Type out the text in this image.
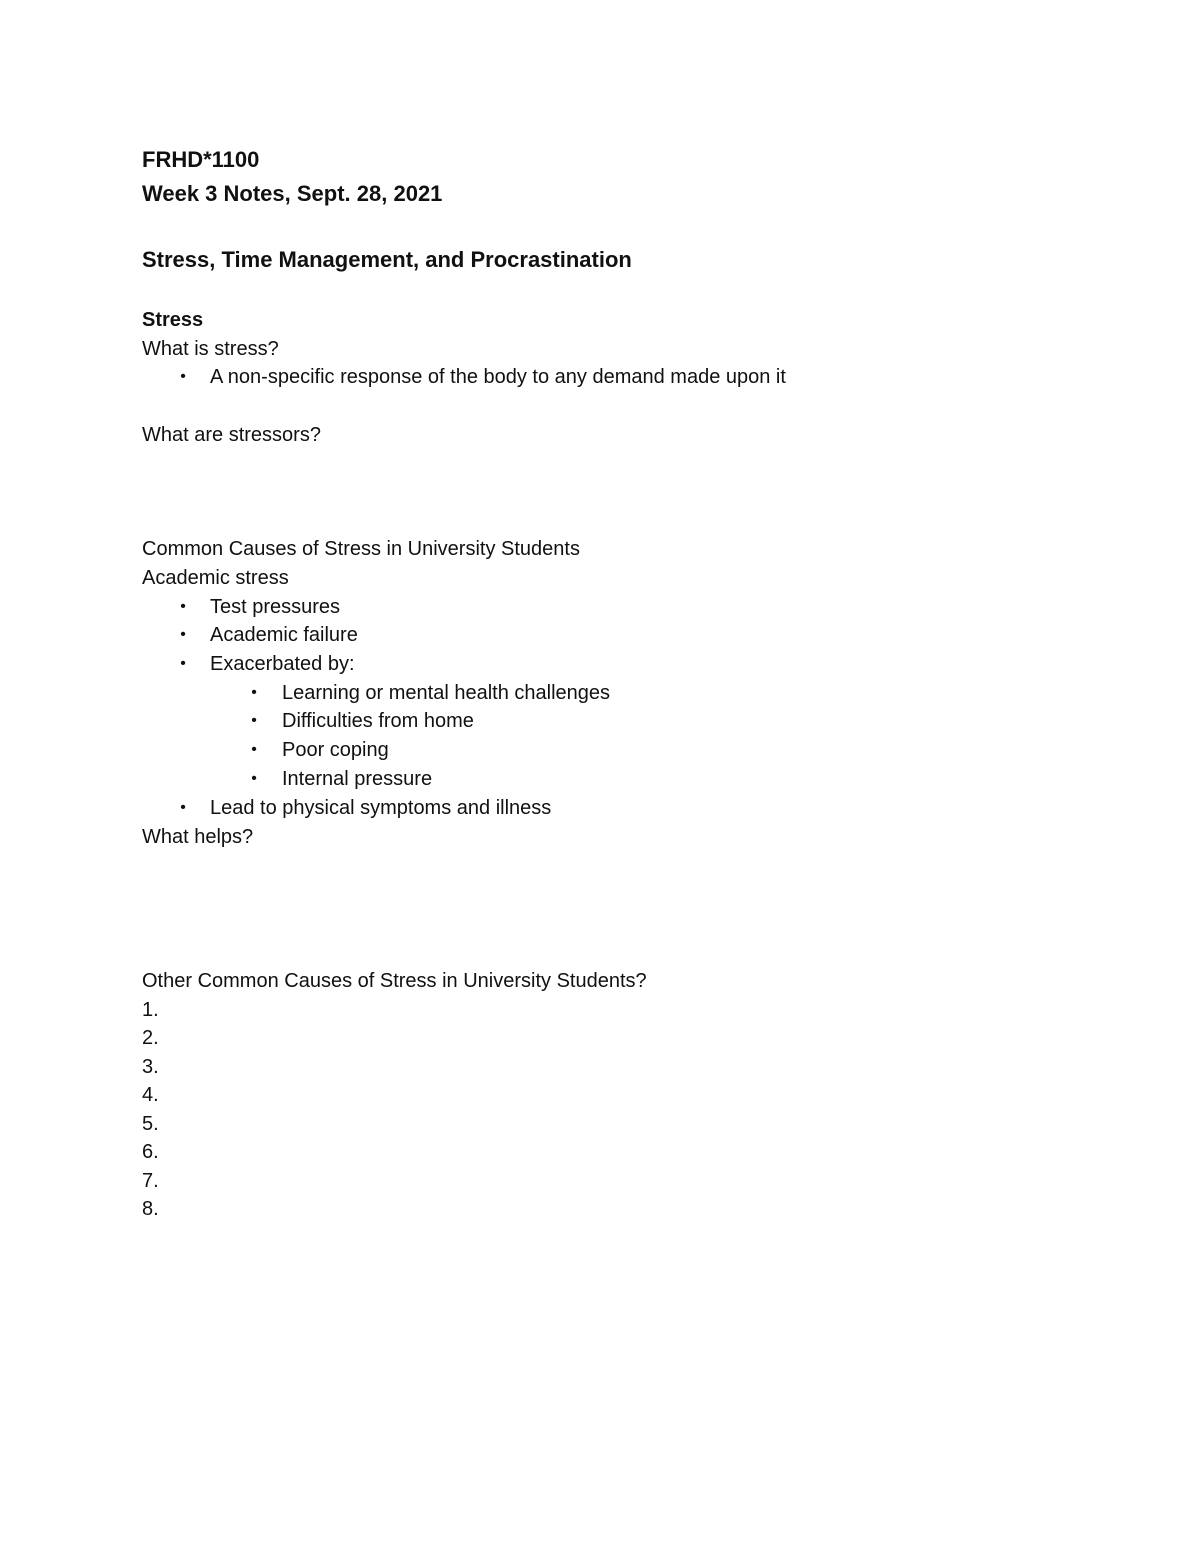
FRHD*1100
Week 3 Notes, Sept. 28, 2021
Stress, Time Management, and Procrastination
Stress
What is stress?
• A non-specific response of the body to any demand made upon it
What are stressors?
Common Causes of Stress in University Students
Academic stress
• Test pressures
• Academic failure
• Exacerbated by:
• Learning or mental health challenges
• Difficulties from home
• Poor coping
• Internal pressure
• Lead to physical symptoms and illness
What helps?
Other Common Causes of Stress in University Students?
1.
2.
3.
4.
5.
6.
7.
8.
